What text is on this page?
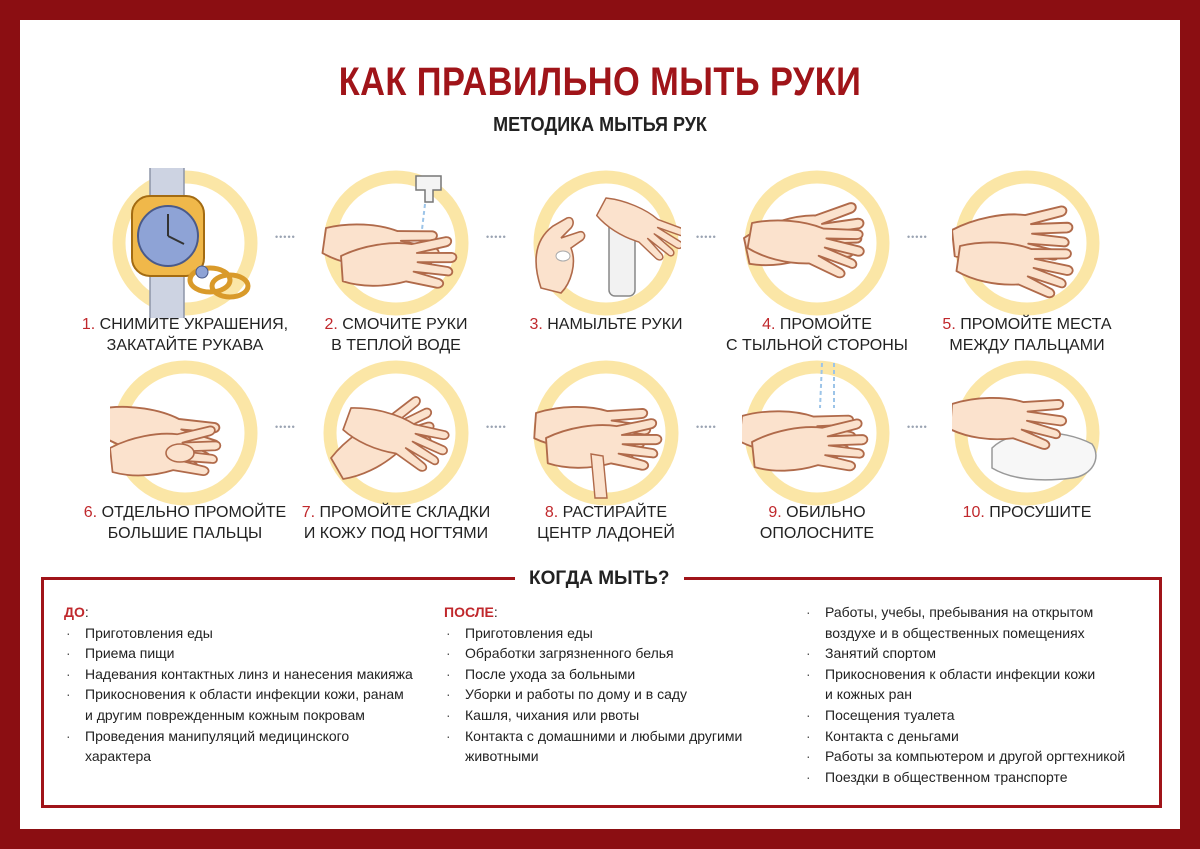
КАК ПРАВИЛЬНО МЫТЬ РУКИ
МЕТОДИКА МЫТЬЯ РУК
1. СНИМИТЕ УКРАШЕНИЯ,
ЗАКАТАЙТЕ РУКАВА
•••••
2. СМОЧИТЕ РУКИ
В ТЕПЛОЙ ВОДЕ
•••••
3. НАМЫЛЬТЕ РУКИ
•••••
4. ПРОМОЙТЕ
С ТЫЛЬНОЙ СТОРОНЫ
•••••
5. ПРОМОЙТЕ МЕСТА
МЕЖДУ ПАЛЬЦАМИ
6. ОТДЕЛЬНО ПРОМОЙТЕ
БОЛЬШИЕ ПАЛЬЦЫ
•••••
7. ПРОМОЙТЕ СКЛАДКИ
И КОЖУ ПОД НОГТЯМИ
•••••
8. РАСТИРАЙТЕ
ЦЕНТР ЛАДОНЕЙ
•••••
9. ОБИЛЬНО ОПОЛОСНИТЕ
•••••
10. ПРОСУШИТЕ
КОГДА МЫТЬ?
ДО:
· Приготовления еды
· Приема пищи
· Надевания контактных линз и нанесения макияжа
· Прикосновения к области инфекции кожи, ранам
и другим поврежденным кожным покровам
· Проведения манипуляций медицинского
характера
ПОСЛЕ:
· Приготовления еды
· Обработки загрязненного белья
· После ухода за больными
· Уборки и работы по дому и в саду
· Кашля, чихания или рвоты
· Контакта с домашними и любыми другими
животными
· Работы, учебы, пребывания на открытом
воздухе и в общественных помещениях
· Занятий спортом
· Прикосновения к области инфекции кожи
и кожных ран
· Посещения туалета
· Контакта с деньгами
· Работы за компьютером и другой оргтехникой
· Поездки в общественном транспорте
